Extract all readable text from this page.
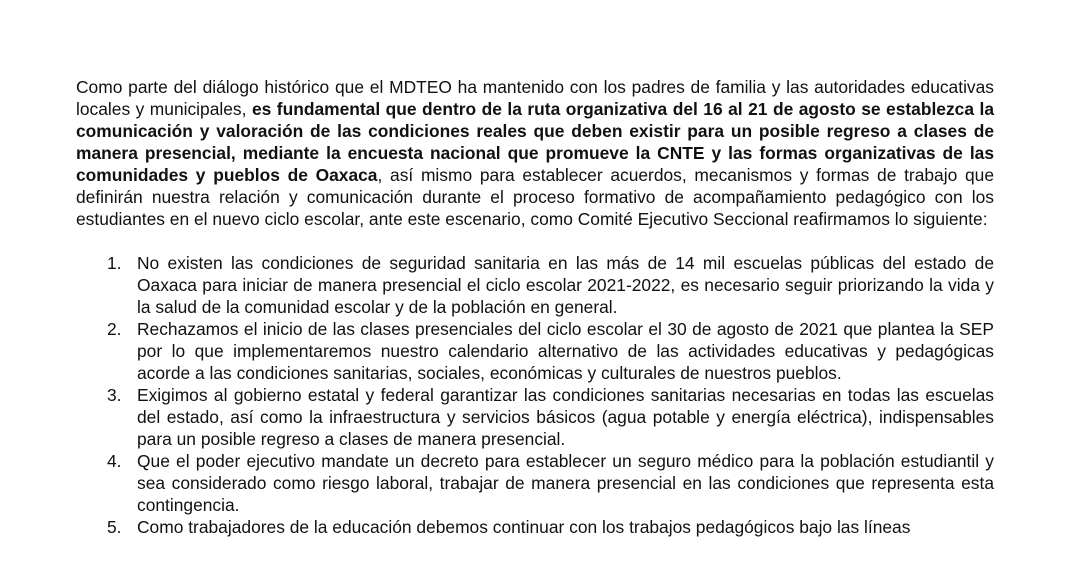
Como parte del diálogo histórico que el MDTEO ha mantenido con los padres de familia y las autoridades educativas locales y municipales, es fundamental que dentro de la ruta organizativa del 16 al 21 de agosto se establezca la comunicación y valoración de las condiciones reales que deben existir para un posible regreso a clases de manera presencial, mediante la encuesta nacional que promueve la CNTE y las formas organizativas de las comunidades y pueblos de Oaxaca, así mismo para establecer acuerdos, mecanismos y formas de trabajo que definirán nuestra relación y comunicación durante el proceso formativo de acompañamiento pedagógico con los estudiantes en el nuevo ciclo escolar, ante este escenario, como Comité Ejecutivo Seccional reafirmamos lo siguiente:

1. No existen las condiciones de seguridad sanitaria en las más de 14 mil escuelas públicas del estado de Oaxaca para iniciar de manera presencial el ciclo escolar 2021-2022, es necesario seguir priorizando la vida y la salud de la comunidad escolar y de la población en general.
2. Rechazamos el inicio de las clases presenciales del ciclo escolar el 30 de agosto de 2021 que plantea la SEP por lo que implementaremos nuestro calendario alternativo de las actividades educativas y pedagógicas acorde a las condiciones sanitarias, sociales, económicas y culturales de nuestros pueblos.
3. Exigimos al gobierno estatal y federal garantizar las condiciones sanitarias necesarias en todas las escuelas del estado, así como la infraestructura y servicios básicos (agua potable y energía eléctrica), indispensables para un posible regreso a clases de manera presencial.
4. Que el poder ejecutivo mandate un decreto para establecer un seguro médico para la población estudiantil y sea considerado como riesgo laboral, trabajar de manera presencial en las condiciones que representa esta contingencia.
5. Como trabajadores de la educación debemos continuar con los trabajos pedagógicos bajo las líneas
